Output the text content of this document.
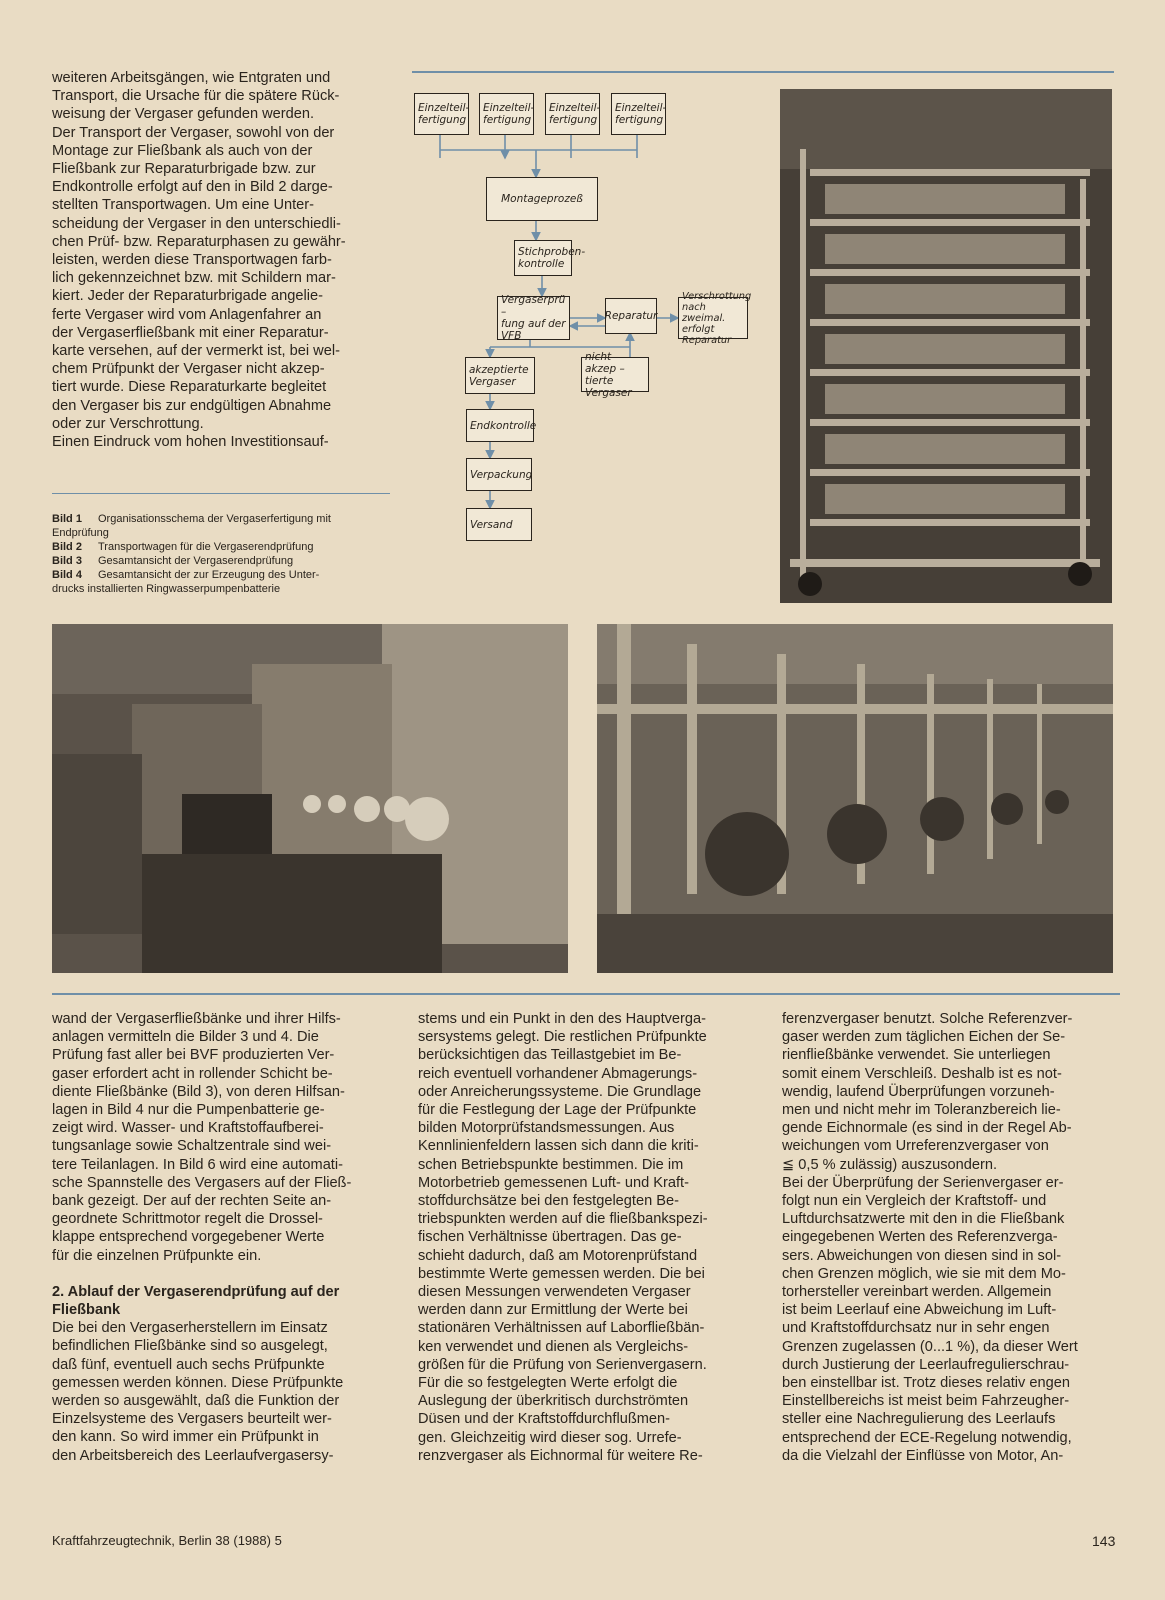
weiteren Arbeitsgängen, wie Entgraten und
Transport, die Ursache für die spätere Rück-
weisung der Vergaser gefunden werden.
Der Transport der Vergaser, sowohl von der
Montage zur Fließbank als auch von der
Fließbank zur Reparaturbrigade bzw. zur
Endkontrolle erfolgt auf den in Bild 2 darge-
stellten Transportwagen. Um eine Unter-
scheidung der Vergaser in den unterschiedli-
chen Prüf- bzw. Reparaturphasen zu gewähr-
leisten, werden diese Transportwagen farb-
lich gekennzeichnet bzw. mit Schildern mar-
kiert. Jeder der Reparaturbrigade angelie-
ferte Vergaser wird vom Anlagenfahrer an
der Vergaserfließbank mit einer Reparatur-
karte versehen, auf der vermerkt ist, bei wel-
chem Prüfpunkt der Vergaser nicht akzep-
tiert wurde. Diese Reparaturkarte begleitet
den Vergaser bis zur endgültigen Abnahme
oder zur Verschrottung.
Einen Eindruck vom hohen Investitionsauf-
Bild 1 Organisationsschema der Vergaserfertigung mit
Endprüfung
Bild 2 Transportwagen für die Vergaserendprüfung
Bild 3 Gesamtansicht der Vergaserendprüfung
Bild 4 Gesamtansicht der zur Erzeugung des Unter-
drucks installierten Ringwasserpumpenbatterie
Einzelteil-
fertigung
Einzelteil-
fertigung
Einzelteil-
fertigung
Einzelteil-
fertigung
Montageprozeß
Stichproben-
kontrolle
Vergaserprü –
fung auf der VFB
Reparatur
Verschrottung
nach zweimal.
erfolgt Reparatur
akzeptierte
Vergaser
nicht akzep –
tierte Vergaser
Endkontrolle
Verpackung
Versand
wand der Vergaserfließbänke und ihrer Hilfs-
anlagen vermitteln die Bilder 3 und 4. Die
Prüfung fast aller bei BVF produzierten Ver-
gaser erfordert acht in rollender Schicht be-
diente Fließbänke (Bild 3), von deren Hilfsan-
lagen in Bild 4 nur die Pumpenbatterie ge-
zeigt wird. Wasser- und Kraftstoffaufberei-
tungsanlage sowie Schaltzentrale sind wei-
tere Teilanlagen. In Bild 6 wird eine automati-
sche Spannstelle des Vergasers auf der Fließ-
bank gezeigt. Der auf der rechten Seite an-
geordnete Schrittmotor regelt die Drossel-
klappe entsprechend vorgegebener Werte
für die einzelnen Prüfpunkte ein.
2. Ablauf der Vergaserendprüfung auf der
Fließbank
Die bei den Vergaserherstellern im Einsatz
befindlichen Fließbänke sind so ausgelegt,
daß fünf, eventuell auch sechs Prüfpunkte
gemessen werden können. Diese Prüfpunkte
werden so ausgewählt, daß die Funktion der
Einzelsysteme des Vergasers beurteilt wer-
den kann. So wird immer ein Prüfpunkt in
den Arbeitsbereich des Leerlaufvergasersy-
stems und ein Punkt in den des Hauptverga-
sersystems gelegt. Die restlichen Prüfpunkte
berücksichtigen das Teillastgebiet im Be-
reich eventuell vorhandener Abmagerungs-
oder Anreicherungssysteme. Die Grundlage
für die Festlegung der Lage der Prüfpunkte
bilden Motorprüfstandsmessungen. Aus
Kennlinienfeldern lassen sich dann die kriti-
schen Betriebspunkte bestimmen. Die im
Motorbetrieb gemessenen Luft- und Kraft-
stoffdurchsätze bei den festgelegten Be-
triebspunkten werden auf die fließbankspezi-
fischen Verhältnisse übertragen. Das ge-
schieht dadurch, daß am Motorenprüfstand
bestimmte Werte gemessen werden. Die bei
diesen Messungen verwendeten Vergaser
werden dann zur Ermittlung der Werte bei
stationären Verhältnissen auf Laborfließbän-
ken verwendet und dienen als Vergleichs-
größen für die Prüfung von Serienvergasern.
Für die so festgelegten Werte erfolgt die
Auslegung der überkritisch durchströmten
Düsen und der Kraftstoffdurchflußmen-
gen. Gleichzeitig wird dieser sog. Urrefe-
renzvergaser als Eichnormal für weitere Re-
ferenzvergaser benutzt. Solche Referenzver-
gaser werden zum täglichen Eichen der Se-
rienfließbänke verwendet. Sie unterliegen
somit einem Verschleiß. Deshalb ist es not-
wendig, laufend Überprüfungen vorzuneh-
men und nicht mehr im Toleranzbereich lie-
gende Eichnormale (es sind in der Regel Ab-
weichungen vom Urreferenzvergaser von
≦ 0,5 % zulässig) auszusondern.
Bei der Überprüfung der Serienvergaser er-
folgt nun ein Vergleich der Kraftstoff- und
Luftdurchsatzwerte mit den in die Fließbank
eingegebenen Werten des Referenzverga-
sers. Abweichungen von diesen sind in sol-
chen Grenzen möglich, wie sie mit dem Mo-
torhersteller vereinbart werden. Allgemein
ist beim Leerlauf eine Abweichung im Luft-
und Kraftstoffdurchsatz nur in sehr engen
Grenzen zugelassen (0...1 %), da dieser Wert
durch Justierung der Leerlaufregulierschrau-
ben einstellbar ist. Trotz dieses relativ engen
Einstellbereichs ist meist beim Fahrzeugher-
steller eine Nachregulierung des Leerlaufs
entsprechend der ECE-Regelung notwendig,
da die Vielzahl der Einflüsse von Motor, An-
Kraftfahrzeugtechnik, Berlin 38 (1988) 5	143
